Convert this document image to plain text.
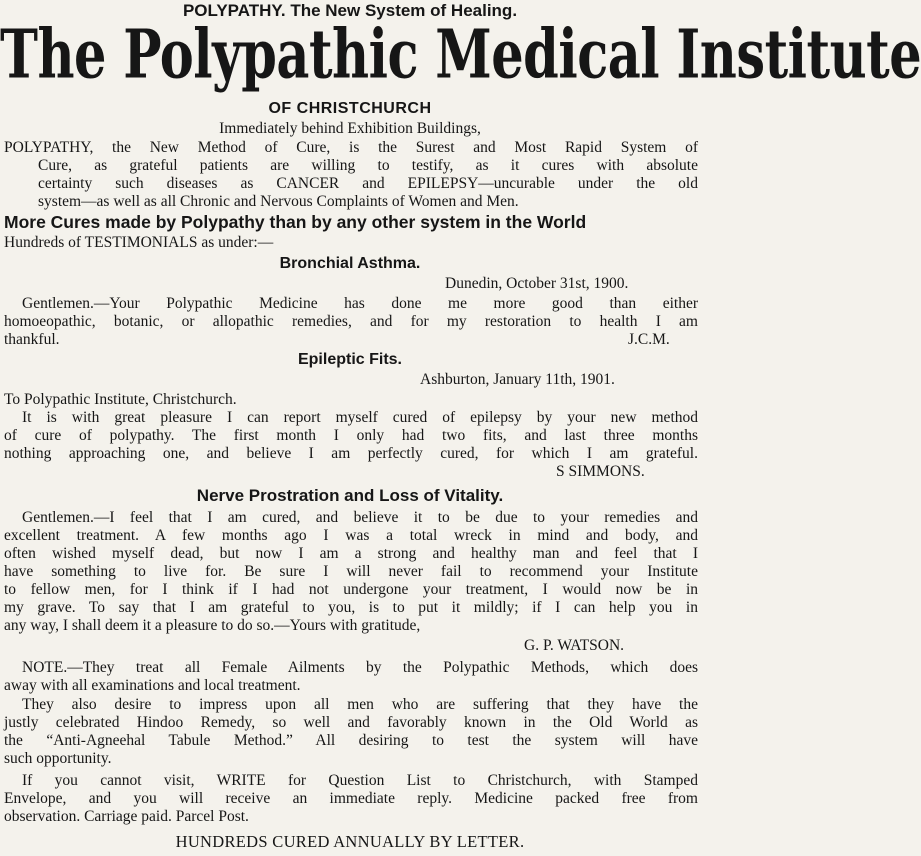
POLYPATHY. The New System of Healing.
The Polypathic Medical Institute
OF CHRISTCHURCH
Immediately behind Exhibition Buildings,
POLYPATHY, the New Method of Cure, is the Surest and Most Rapid System of
Cure, as grateful patients are willing to testify, as it cures with absolute
certainty such diseases as CANCER and EPILEPSY—uncurable under the old
system—as well as all Chronic and Nervous Complaints of Women and Men.
More Cures made by Polypathy than by any other system in the World
Hundreds of TESTIMONIALS as under:—
Bronchial Asthma.
Dunedin, October 31st, 1900.
Gentlemen.—Your Polypathic Medicine has done me more good than either
homoeopathic, botanic, or allopathic remedies, and for my restoration to health I am
thankful.	J.C.M.
Epileptic Fits.
Ashburton, January 11th, 1901.
To Polypathic Institute, Christchurch.
It is with great pleasure I can report myself cured of epilepsy by your new method
of cure of polypathy. The first month I only had two fits, and last three months
nothing approaching one, and believe I am perfectly cured, for which I am grateful.
S SIMMONS.
Nerve Prostration and Loss of Vitality.
Gentlemen.—I feel that I am cured, and believe it to be due to your remedies and
excellent treatment. A few months ago I was a total wreck in mind and body, and
often wished myself dead, but now I am a strong and healthy man and feel that I
have something to live for. Be sure I will never fail to recommend your Institute
to fellow men, for I think if I had not undergone your treatment, I would now be in
my grave. To say that I am grateful to you, is to put it mildly; if I can help you in
any way, I shall deem it a pleasure to do so.—Yours with gratitude,
G. P. WATSON.
NOTE.—They treat all Female Ailments by the Polypathic Methods, which does
away with all examinations and local treatment.
They also desire to impress upon all men who are suffering that they have the
justly celebrated Hindoo Remedy, so well and favorably known in the Old World as
the “Anti-Agneehal Tabule Method.” All desiring to test the system will have
such opportunity.
If you cannot visit, WRITE for Question List to Christchurch, with Stamped
Envelope, and you will receive an immediate reply. Medicine packed free from
observation. Carriage paid. Parcel Post.
HUNDREDS CURED ANNUALLY BY LETTER.
